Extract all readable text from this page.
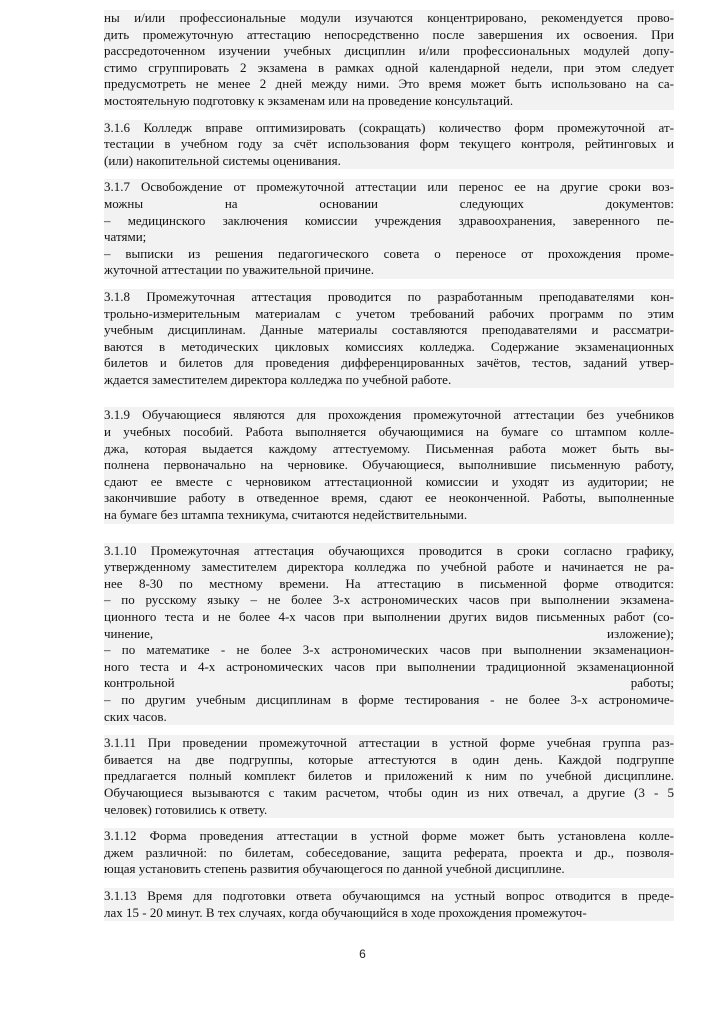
ны и/или профессиональные модули изучаются концентрировано, рекомендуется прово-
дить промежуточную аттестацию непосредственно после завершения их освоения. При
рассредоточенном изучении учебных дисциплин и/или профессиональных модулей допу-
стимо сгруппировать 2 экзамена в рамках одной календарной недели, при этом следует
предусмотреть не менее 2 дней между ними. Это время может быть использовано на са-
мостоятельную подготовку к экзаменам или на проведение консультаций.
3.1.6 Колледж вправе оптимизировать (сокращать) количество форм промежуточной ат-
тестации в учебном году за счёт использования форм текущего контроля, рейтинговых и
(или) накопительной системы оценивания.
3.1.7 Освобождение от промежуточной аттестации или перенос ее на другие сроки воз-
можны на основании следующих документов:
– медицинского заключения комиссии учреждения здравоохранения, заверенного пе-
чатями;
– выписки из решения педагогического совета о переносе от прохождения проме-
жуточной аттестации по уважительной причине.
3.1.8 Промежуточная аттестация проводится по разработанным преподавателями кон-
трольно-измерительным материалам с учетом требований рабочих программ по этим
учебным дисциплинам. Данные материалы составляются преподавателями и рассматри-
ваются в методических цикловых комиссиях колледжа. Содержание экзаменационных
билетов и билетов для проведения дифференцированных зачётов, тестов, заданий утвер-
ждается заместителем директора колледжа по учебной работе.
3.1.9 Обучающиеся являются для прохождения промежуточной аттестации без учебников
и учебных пособий. Работа выполняется обучающимися на бумаге со штампом колле-
джа, которая выдается каждому аттестуемому. Письменная работа может быть вы-
полнена первоначально на черновике. Обучающиеся, выполнившие письменную работу,
сдают ее вместе с черновиком аттестационной комиссии и уходят из аудитории; не
закончившие работу в отведенное время, сдают ее неоконченной. Работы, выполненные
на бумаге без штампа техникума, считаются недействительными.
3.1.10 Промежуточная аттестация обучающихся проводится в сроки согласно графику,
утвержденному заместителем директора колледжа по учебной работе и начинается не ра-
нее 8-30 по местному времени. На аттестацию в письменной форме отводится:
– по русскому языку – не более 3-х астрономических часов при выполнении экзамена-
ционного теста и не более 4-х часов при выполнении других видов письменных работ (со-
чинение, изложение);
– по математике - не более 3-х астрономических часов при выполнении экзаменацион-
ного теста и 4-х астрономических часов при выполнении традиционной экзаменационной
контрольной работы;
– по другим учебным дисциплинам в форме тестирования - не более 3-х астрономиче-
ских часов.
3.1.11 При проведении промежуточной аттестации в устной форме учебная группа раз-
бивается на две подгруппы, которые аттестуются в один день. Каждой подгруппе
предлагается полный комплект билетов и приложений к ним по учебной дисциплине.
Обучающиеся вызываются с таким расчетом, чтобы один из них отвечал, а другие (3 - 5
человек) готовились к ответу.
3.1.12 Форма проведения аттестации в устной форме может быть установлена колле-
джем различной: по билетам, собеседование, защита реферата, проекта и др., позволя-
ющая установить степень развития обучающегося по данной учебной дисциплине.
3.1.13 Время для подготовки ответа обучающимся на устный вопрос отводится в преде-
лах 15 - 20 минут. В тех случаях, когда обучающийся в ходе прохождения промежуточ-
6
